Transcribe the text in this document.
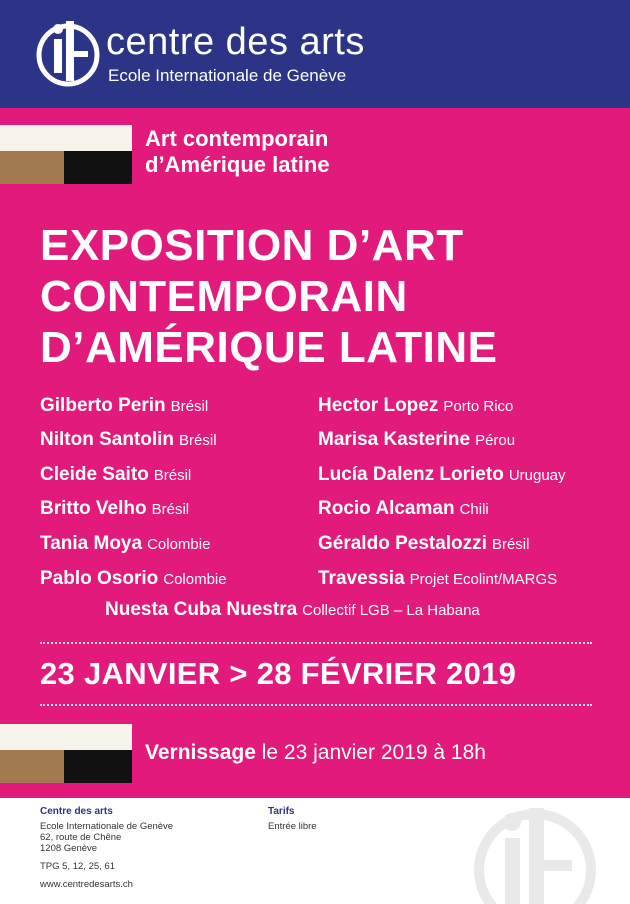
centre des arts
Ecole Internationale de Genève
Art contemporain
d’Amérique latine
EXPOSITION D’ART
CONTEMPORAIN
D’AMÉRIQUE LATINE
Gilberto Perin Brésil
Nilton Santolin Brésil
Cleide Saito Brésil
Britto Velho Brésil
Tania Moya Colombie
Pablo Osorio Colombie
Hector Lopez Porto Rico
Marisa Kasterine Pérou
Lucía Dalenz Lorieto Uruguay
Rocio Alcaman Chili
Géraldo Pestalozzi Brésil
Travessia Projet Ecolint/MARGS
Nuesta Cuba Nuestra Collectif LGB – La Habana
23 JANVIER > 28 FÉVRIER 2019
Vernissage le 23 janvier 2019 à 18h
Centre des arts
Ecole Internationale de Genève
62, route de Chêne
1208 Genève
TPG 5, 12, 25, 61
www.centredesarts.ch
Tarifs
Entrée libre
